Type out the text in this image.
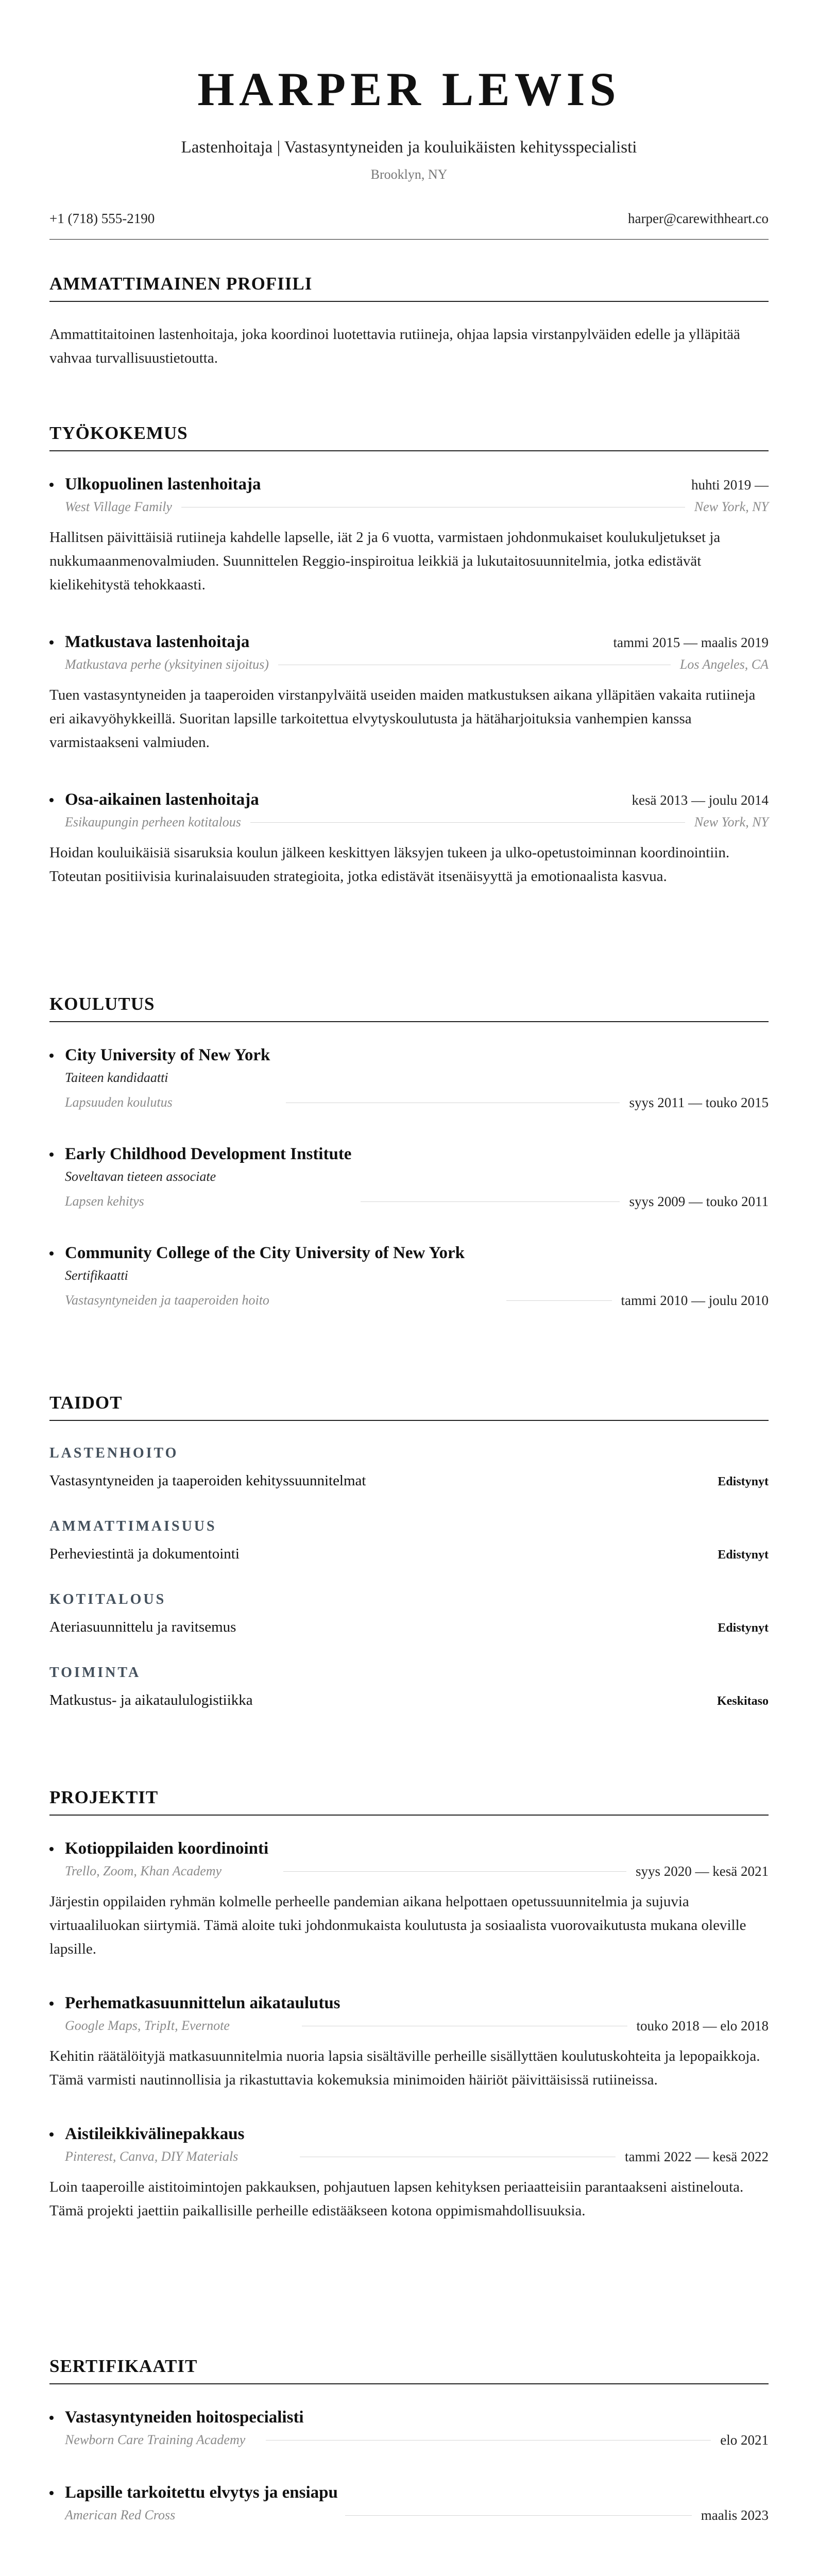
HARPER LEWIS
Lastenhoitaja | Vastasyntyneiden ja kouluikäisten kehitysspecialisti
Brooklyn, NY
+1 (718) 555-2190	harper@carewithheart.co
AMMATTIMAINEN PROFIILI
Ammattitaitoinen lastenhoitaja, joka koordinoi luotettavia rutiineja, ohjaa lapsia virstanpylväiden edelle ja ylläpitää vahvaa turvallisuustietoutta.
TYÖKOKEMUS
Ulkopuolinen lastenhoitaja	huhti 2019 —
West Village Family	New York, NY
Hallitsen päivittäisiä rutiineja kahdelle lapselle, iät 2 ja 6 vuotta, varmistaen johdonmukaiset koulukuljetukset ja nukkumaanmenovalmiuden. Suunnittelen Reggio-inspiroitua leikkiä ja lukutaitosuunnitelmia, jotka edistävät kielikehitystä tehokkaasti.
Matkustava lastenhoitaja	tammi 2015 — maalis 2019
Matkustava perhe (yksityinen sijoitus)	Los Angeles, CA
Tuen vastasyntyneiden ja taaperoiden virstanpylväitä useiden maiden matkustuksen aikana ylläpitäen vakaita rutiineja eri aikavyöhykkeillä. Suoritan lapsille tarkoitettua elvytyskoulutusta ja hätäharjoituksia vanhempien kanssa varmistaakseni valmiuden.
Osa-aikainen lastenhoitaja	kesä 2013 — joulu 2014
Esikaupungin perheen kotitalous	New York, NY
Hoidan kouluikäisiä sisaruksia koulun jälkeen keskittyen läksyjen tukeen ja ulko-opetustoiminnan koordinointiin. Toteutan positiivisia kurinalaisuuden strategioita, jotka edistävät itsenäisyyttä ja emotionaalista kasvua.
KOULUTUS
City University of New York
Taiteen kandidaatti
Lapsuuden koulutus	syys 2011 — touko 2015
Early Childhood Development Institute
Soveltavan tieteen associate
Lapsen kehitys	syys 2009 — touko 2011
Community College of the City University of New York
Sertifikaatti
Vastasyntyneiden ja taaperoiden hoito	tammi 2010 — joulu 2010
TAIDOT
LASTENHOITO
Vastasyntyneiden ja taaperoiden kehityssuunnitelmat	Edistynyt
AMMATTIMAISUUS
Perheviestintä ja dokumentointi	Edistynyt
KOTITALOUS
Ateriasuunnittelu ja ravitsemus	Edistynyt
TOIMINTA
Matkustus- ja aikataululogistiikka	Keskitaso
PROJEKTIT
Kotioppilaiden koordinointi
Trello, Zoom, Khan Academy	syys 2020 — kesä 2021
Järjestin oppilaiden ryhmän kolmelle perheelle pandemian aikana helpottaen opetussuunnitelmia ja sujuvia virtuaaliluokan siirtymiä. Tämä aloite tuki johdonmukaista koulutusta ja sosiaalista vuorovaikutusta mukana oleville lapsille.
Perhematkasuunnittelun aikataulutus
Google Maps, TripIt, Evernote	touko 2018 — elo 2018
Kehitin räätälöityjä matkasuunnitelmia nuoria lapsia sisältäville perheille sisällyttäen koulutuskohteita ja lepopaikkoja. Tämä varmisti nautinnollisia ja rikastuttavia kokemuksia minimoiden häiriöt päivittäisissä rutiineissa.
Aistileikkivälinepakkaus
Pinterest, Canva, DIY Materials	tammi 2022 — kesä 2022
Loin taaperoille aistitoimintojen pakkauksen, pohjautuen lapsen kehityksen periaatteisiin parantaakseni aistinelouta. Tämä projekti jaettiin paikallisille perheille edistääkseen kotona oppimismahdollisuuksia.
SERTIFIKAATIT
Vastasyntyneiden hoitospecialisti
Newborn Care Training Academy	elo 2021
Lapsille tarkoitettu elvytys ja ensiapu
American Red Cross	maalis 2023
